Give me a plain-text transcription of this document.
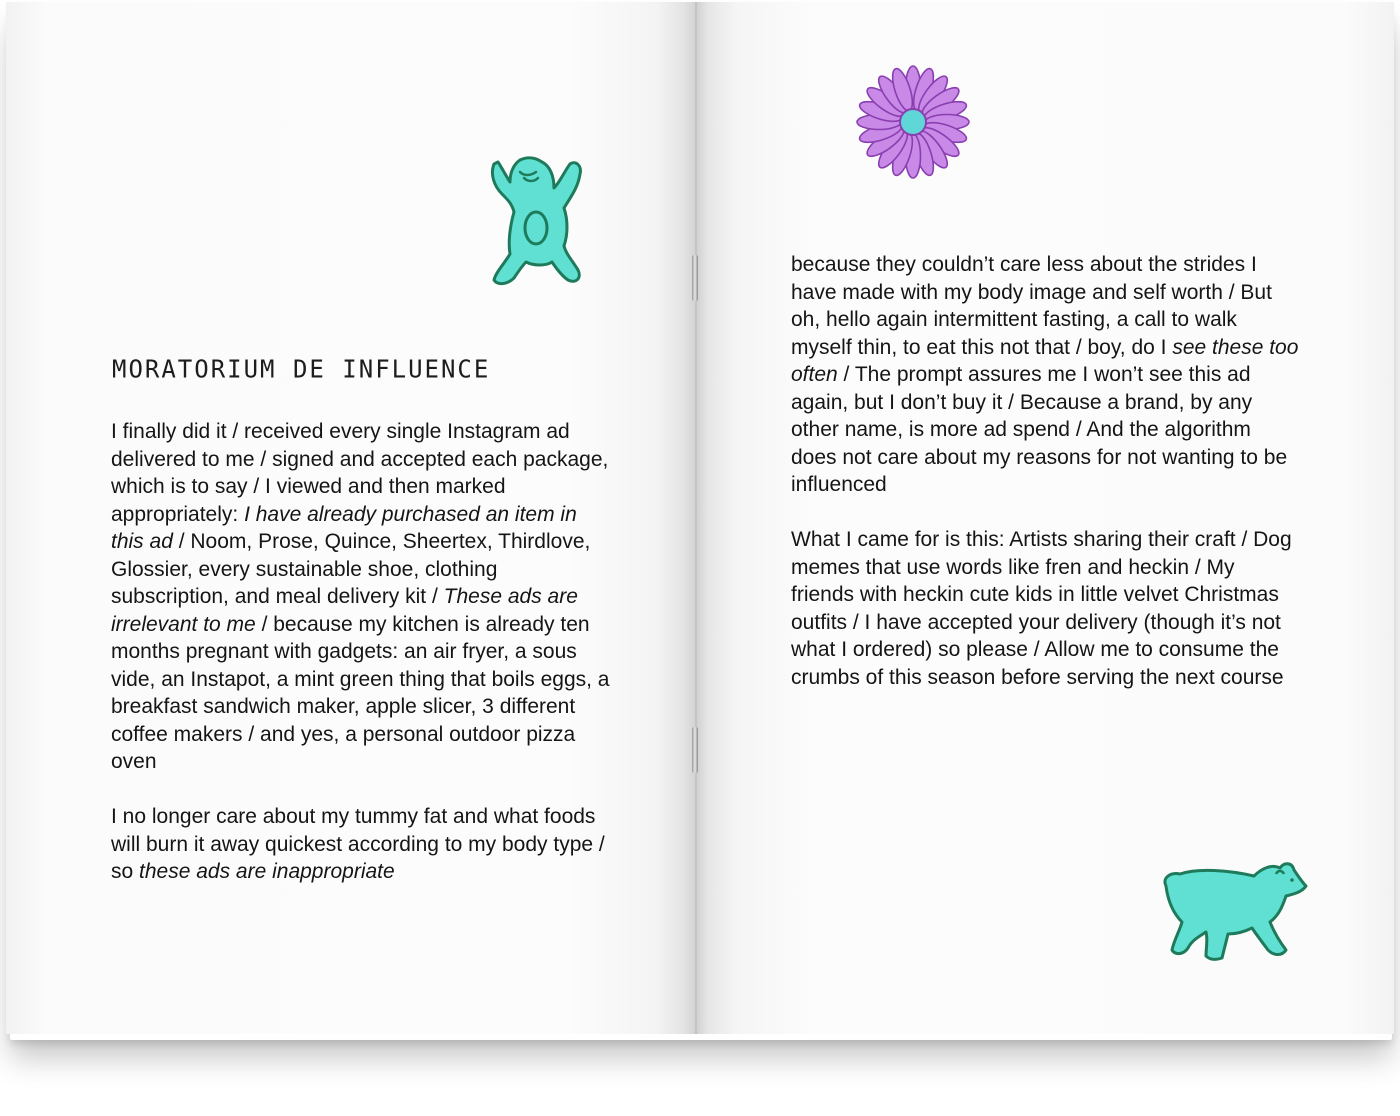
MORATORIUM DE INFLUENCE

I finally did it / received every single Instagram ad delivered to me / signed and accepted each package, which is to say / I viewed and then marked appropriately: I have already purchased an item in this ad / Noom, Prose, Quince, Sheertex, Thirdlove, Glossier, every sustainable shoe, clothing subscription, and meal delivery kit / These ads are irrelevant to me / because my kitchen is already ten months pregnant with gadgets: an air fryer, a sous vide, an Instapot, a mint green thing that boils eggs, a breakfast sandwich maker, apple slicer, 3 different coffee makers / and yes, a personal outdoor pizza oven

I no longer care about my tummy fat and what foods will burn it away quickest according to my body type / so these ads are inappropriate

because they couldn’t care less about the strides I have made with my body image and self worth / But oh, hello again intermittent fasting, a call to walk myself thin, to eat this not that / boy, do I see these too often / The prompt assures me I won’t see this ad again, but I don’t buy it / Because a brand, by any other name, is more ad spend / And the algorithm does not care about my reasons for not wanting to be influenced

What I came for is this: Artists sharing their craft / Dog memes that use words like fren and heckin / My friends with heckin cute kids in little velvet Christmas outfits / I have accepted your delivery (though it’s not what I ordered) so please / Allow me to consume the crumbs of this season before serving the next course
